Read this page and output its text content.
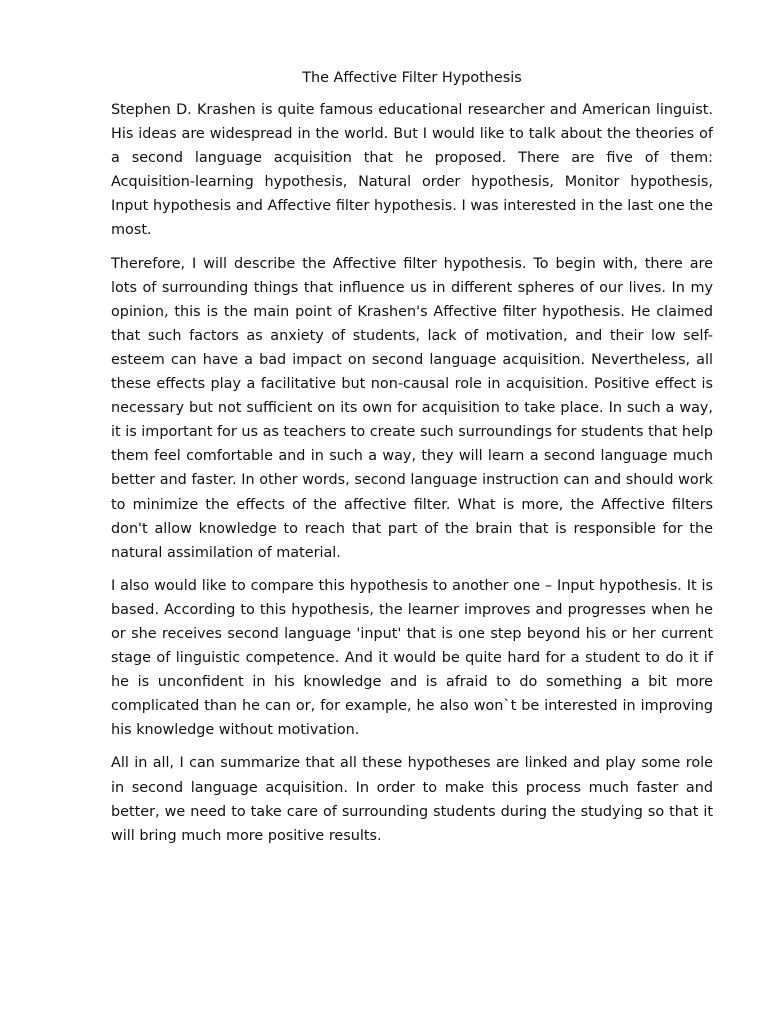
The Affective Filter Hypothesis

Stephen D. Krashen is quite famous educational researcher and American linguist. His ideas are widespread in the world. But I would like to talk about the theories of a second language acquisition that he proposed. There are five of them: Acquisition-learning hypothesis, Natural order hypothesis, Monitor hypothesis, Input hypothesis and Affective filter hypothesis. I was interested in the last one the most.

Therefore, I will describe the Affective filter hypothesis. To begin with, there are lots of surrounding things that influence us in different spheres of our lives. In my opinion, this is the main point of Krashen's Affective filter hypothesis. He claimed that such factors as anxiety of students, lack of motivation, and their low self-esteem can have a bad impact on second language acquisition. Nevertheless, all these effects play a facilitative but non-causal role in acquisition. Positive effect is necessary but not sufficient on its own for acquisition to take place. In such a way, it is important for us as teachers to create such surroundings for students that help them feel comfortable and in such a way, they will learn a second language much better and faster. In other words, second language instruction can and should work to minimize the effects of the affective filter. What is more, the Affective filters don't allow knowledge to reach that part of the brain that is responsible for the natural assimilation of material.

I also would like to compare this hypothesis to another one – Input hypothesis. It is based. According to this hypothesis, the learner improves and progresses when he or she receives second language 'input' that is one step beyond his or her current stage of linguistic competence. And it would be quite hard for a student to do it if he is unconfident in his knowledge and is afraid to do something a bit more complicated than he can or, for example, he also won`t be interested in improving his knowledge without motivation.

All in all, I can summarize that all these hypotheses are linked and play some role in second language acquisition. In order to make this process much faster and better, we need to take care of surrounding students during the studying so that it will bring much more positive results.
